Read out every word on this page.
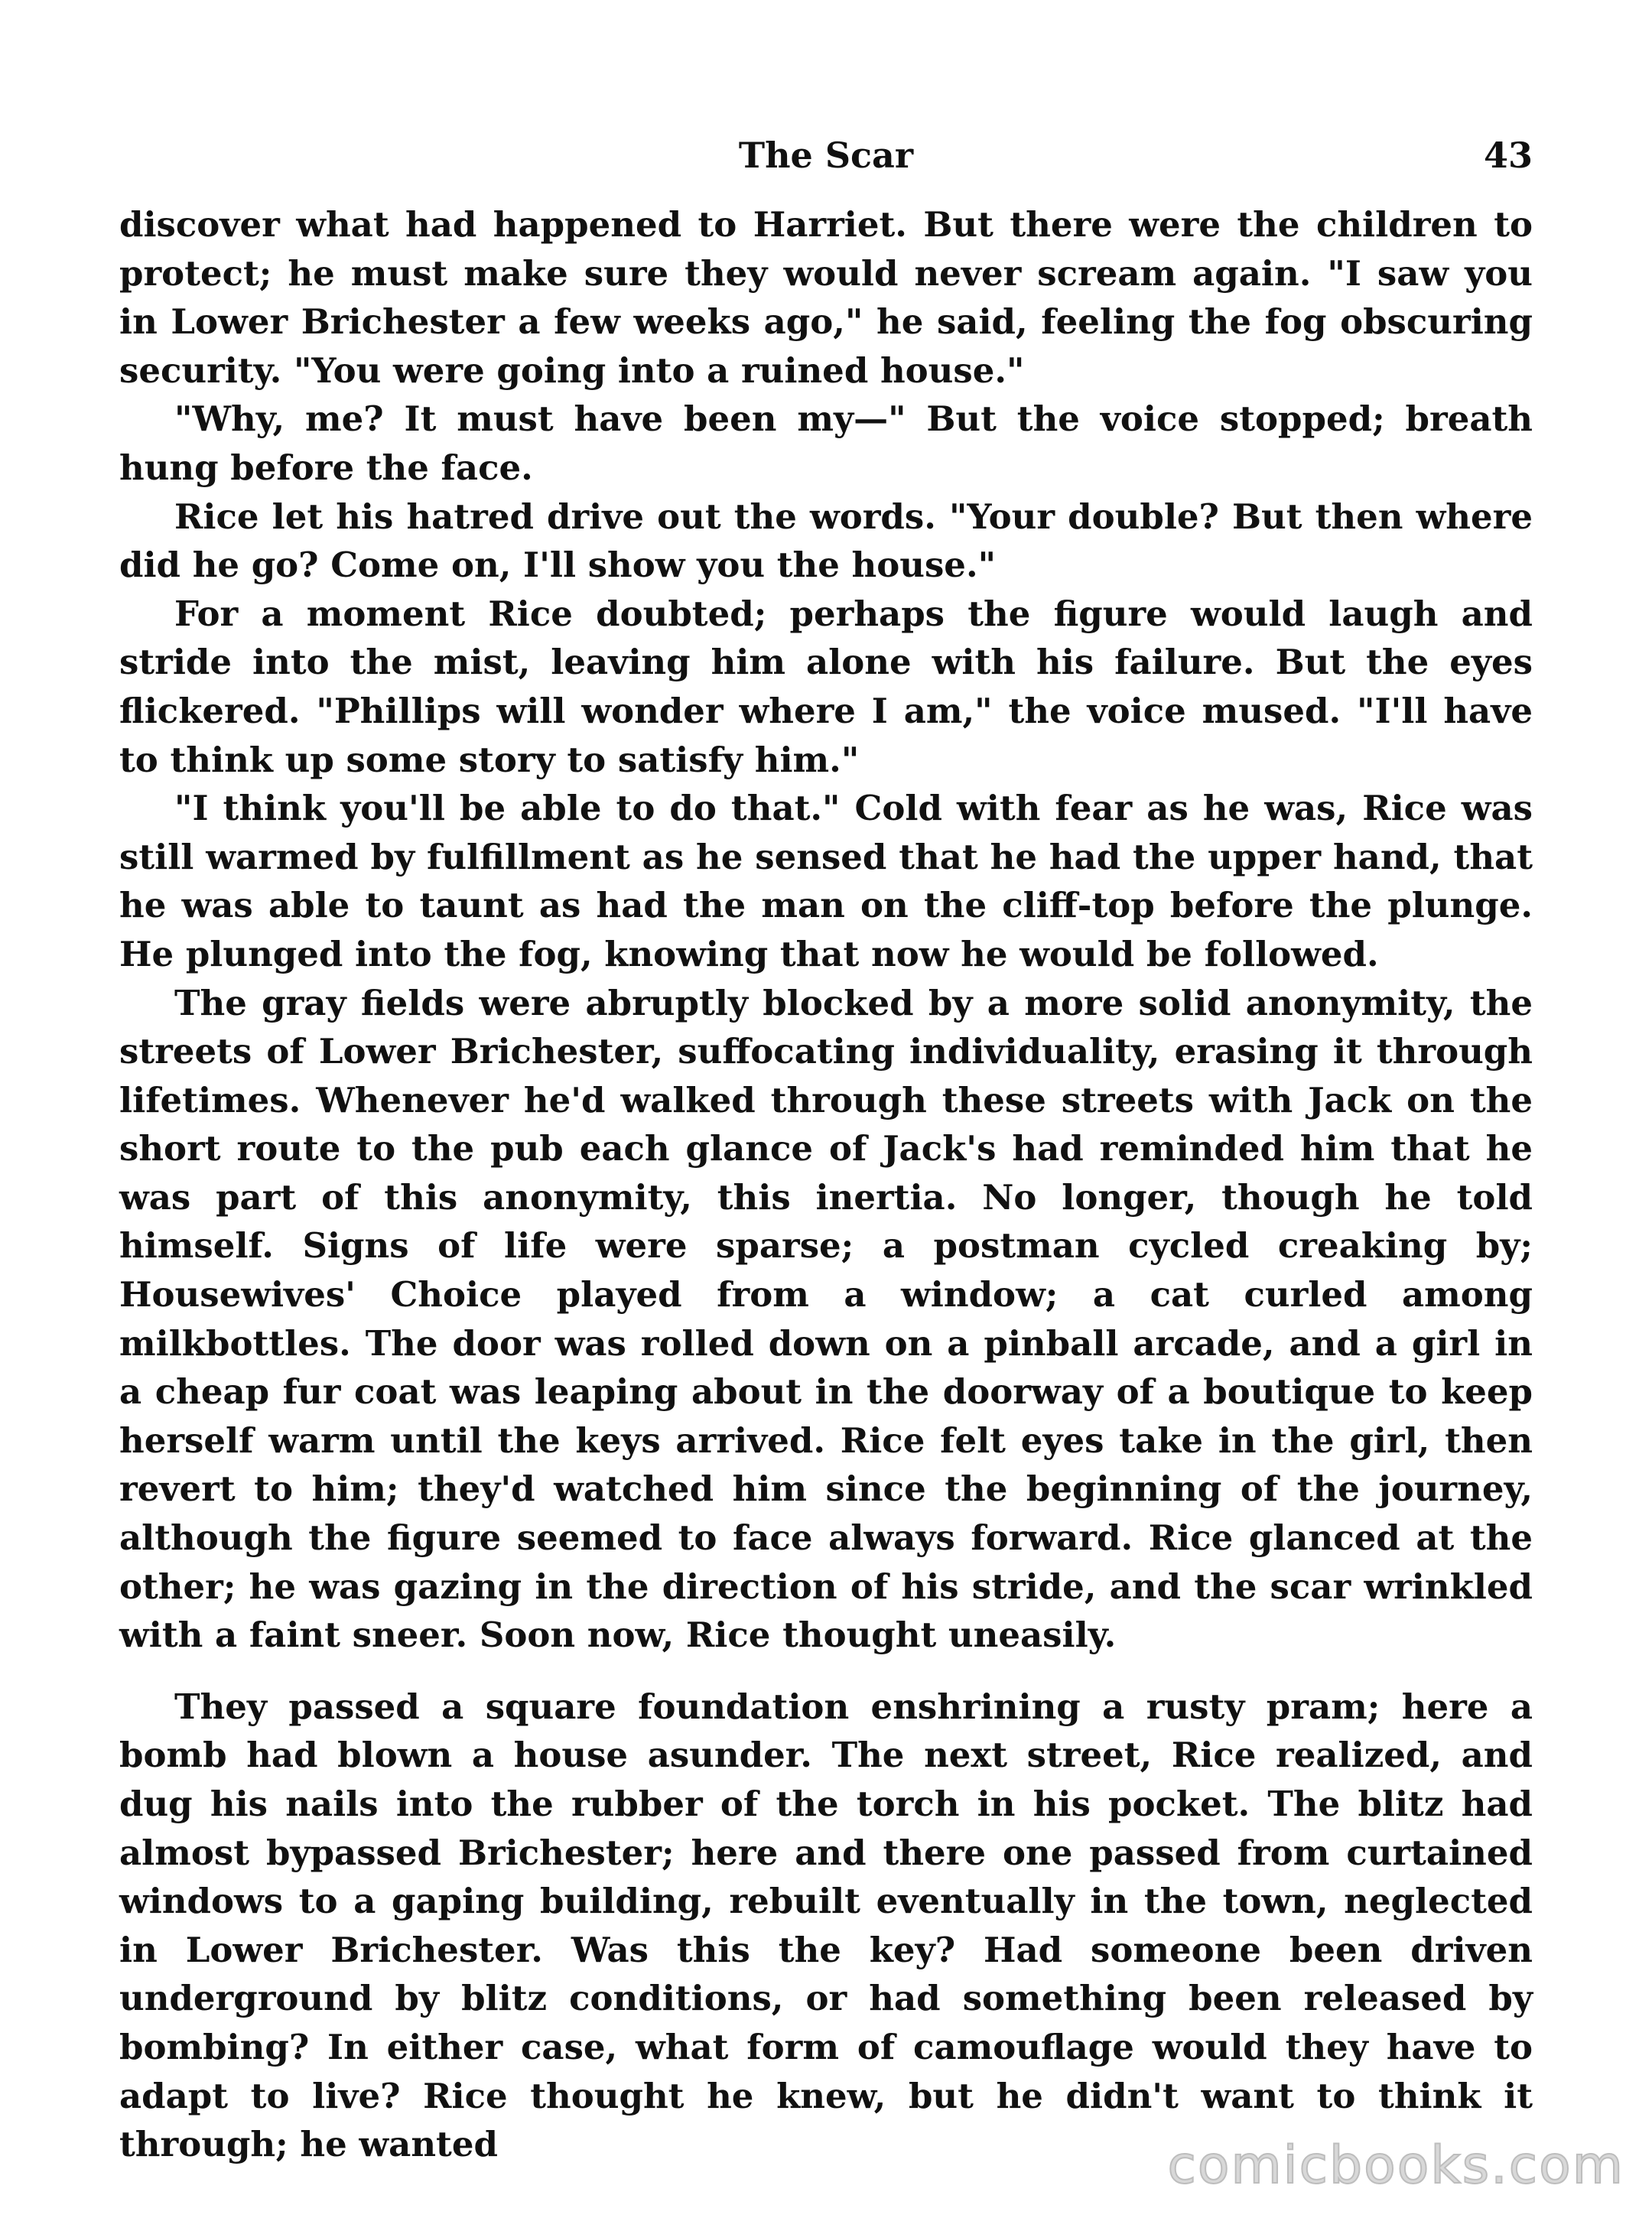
The Scar	43

discover what had happened to Harriet. But there were the children to protect; he must make sure they would never scream again. "I saw you in Lower Brichester a few weeks ago," he said, feeling the fog obscuring security. "You were going into a ruined house."

"Why, me? It must have been my—" But the voice stopped; breath hung before the face.

Rice let his hatred drive out the words. "Your double? But then where did he go? Come on, I'll show you the house."

For a moment Rice doubted; perhaps the figure would laugh and stride into the mist, leaving him alone with his failure. But the eyes flickered. "Phillips will wonder where I am," the voice mused. "I'll have to think up some story to satisfy him."

"I think you'll be able to do that." Cold with fear as he was, Rice was still warmed by fulfillment as he sensed that he had the upper hand, that he was able to taunt as had the man on the cliff-top before the plunge. He plunged into the fog, knowing that now he would be followed.

The gray fields were abruptly blocked by a more solid anonymity, the streets of Lower Brichester, suffocating individuality, erasing it through lifetimes. Whenever he'd walked through these streets with Jack on the short route to the pub each glance of Jack's had reminded him that he was part of this anonymity, this inertia. No longer, though he told himself. Signs of life were sparse; a postman cycled creaking by; Housewives' Choice played from a window; a cat curled among milkbottles. The door was rolled down on a pinball arcade, and a girl in a cheap fur coat was leaping about in the doorway of a boutique to keep herself warm until the keys arrived. Rice felt eyes take in the girl, then revert to him; they'd watched him since the beginning of the journey, although the figure seemed to face always forward. Rice glanced at the other; he was gazing in the direction of his stride, and the scar wrinkled with a faint sneer. Soon now, Rice thought uneasily.

They passed a square foundation enshrining a rusty pram; here a bomb had blown a house asunder. The next street, Rice realized, and dug his nails into the rubber of the torch in his pocket. The blitz had almost bypassed Brichester; here and there one passed from curtained windows to a gaping building, rebuilt eventually in the town, neglected in Lower Brichester. Was this the key? Had someone been driven underground by blitz conditions, or had something been released by bombing? In either case, what form of camouflage would they have to adapt to live? Rice thought he knew, but he didn't want to think it through; he wanted	comicbooks.com
